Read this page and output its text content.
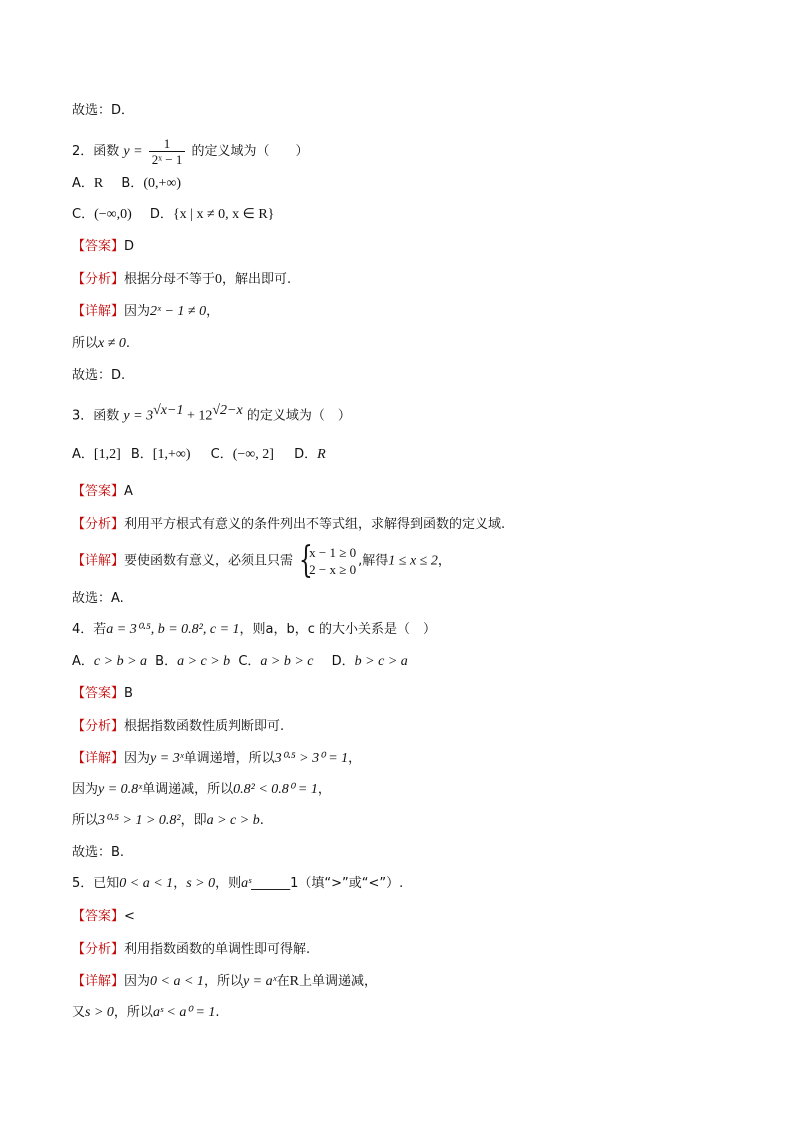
故选：D．
2．函数 $y = \frac{1}{\text{2ˣ − 1}}$ 的定义域为（　　）
A．R B．(0,+∞)
C．(−∞,0) D．{x | x ≠ 0, x ∈ R}
【答案】D
【分析】根据分母不等于0，解出即可.
【详解】因为2ˣ − 1 ≠ 0，
所以x ≠ 0.
故选：D.
3．函数 $y = 3^{√x-1} + 12^{√2-x}$ 的定义域为（　）
A．[1,2] B．[1,+∞) C．(−∞, 2] D．R
【答案】A
【分析】利用平方根式有意义的条件列出不等式组，求解得到函数的定义域.
【详解】要使函数有意义，必须且只需 {
x − 1 ≥ 0
2 − x ≥ 0
,解得1 ≤ x ≤ 2，
故选：A.
4．若a = 3⁰·⁵, b = 0.8², c = 1，则a，b，c 的大小关系是（　）
A．c > b > a B．a > c > b C．a > b > c D．b > c > a
【答案】B
【分析】根据指数函数性质判断即可.
【详解】因为y = 3ˣ单调递增，所以3⁰·⁵ > 3⁰ = 1，
因为y = 0.8ˣ单调递减，所以0.8² < 0.8⁰ = 1，
所以3⁰·⁵ > 1 > 0.8²，即a > c > b.
故选：B.
5．已知0 < a < 1，s > 0，则aˢ______1（填“>”或“<”）.
【答案】<
【分析】利用指数函数的单调性即可得解.
【详解】因为0 < a < 1，所以y = aˣ在R上单调递减，
又s > 0，所以aˢ < a⁰ = 1.
